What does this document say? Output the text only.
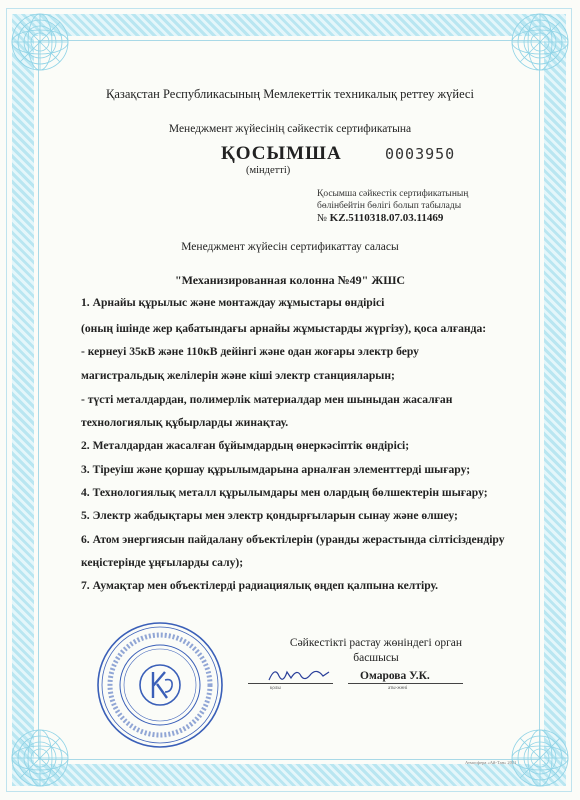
Қазақстан Республикасының Мемлекеттік техникалық реттеу жүйесі
Менеджмент жүйесінің сәйкестік сертификатына
ҚОСЫМША
(міндетті)
0003950
Қосымша сәйкестік сертификатының
бөлінбейтін бөлігі болып табылады
№ KZ.5110318.07.03.11469
Менеджмент жүйесін сертификаттау саласы
"Механизированная колонна №49" ЖШС
1. Арнайы құрылыс және монтаждау жұмыстары өндірісі
(оның ішінде жер қабатындағы арнайы жұмыстарды жүргізу), қоса алғанда:
- кернеуі 35кВ және 110кВ дейінгі және одан жоғары электр беру
магистральдық желілерін және кіші электр станцияларын;
- түсті металдардан, полимерлік материалдар мен шыныдан жасалған
технологиялық құбырларды жинақтау.
2. Металдардан жасалған бұйымдардың өнеркәсіптік өндірісі;
3. Тіреуіш және қоршау құрылымдарына арналған элементтерді шығару;
4. Технологиялық металл құрылымдары мен олардың бөлшектерін шығару;
5. Электр жабдықтары мен электр қондырғыларын сынау және өлшеу;
6. Атом энергиясын пайдалану объектілерін (уранды жерастында сілтісіздендіру
кеңістерінде ұңғыларды салу);
7. Аумақтар мен объектілерді радиациялық өңдеп қалпына келтіру.
Сәйкестікті растау жөніндегі орган басшысы
Омарова У.К.
қолы	аты-жөні
Атмосфера «Ай-Тан» 2011
